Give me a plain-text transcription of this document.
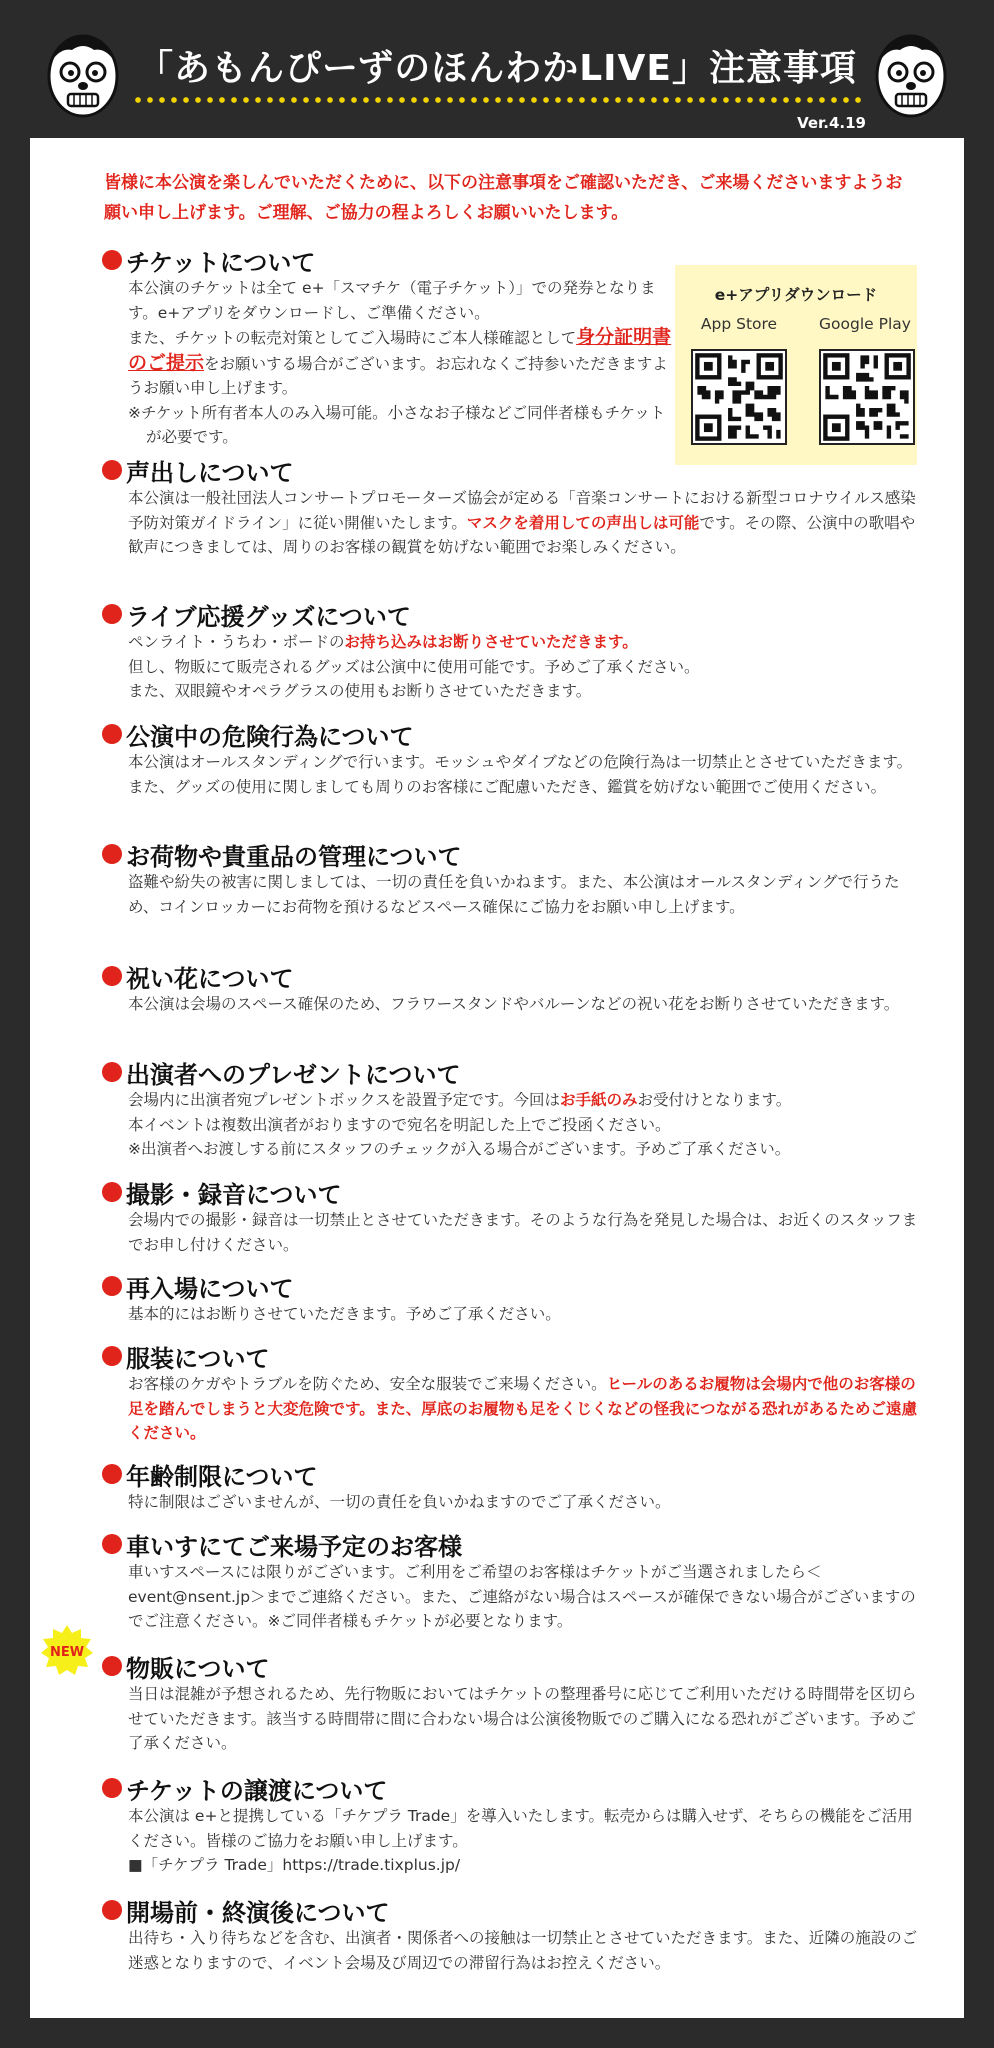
「あもんぴーずのほんわかLIVE」注意事項
Ver.4.19
皆様に本公演を楽しんでいただくために、以下の注意事項をご確認いただき、ご来場くださいますようお願い申し上げます。ご理解、ご協力の程よろしくお願いいたします。
チケットについて

本公演のチケットは全て e+「スマチケ（電子チケット）」での発券となります。e+アプリをダウンロードし、ご準備ください。

また、チケットの転売対策としてご入場時にご本人様確認として身分証明書のご提示をお願いする場合がございます。お忘れなくご持参いただきますようお願い申し上げます。

※チケット所有者本人のみ入場可能。小さなお子様などご同伴者様もチケットが必要です。

e+アプリダウンロード
App Store	Google Play
声出しについて

本公演は一般社団法人コンサートプロモーターズ協会が定める「音楽コンサートにおける新型コロナウイルス感染予防対策ガイドライン」に従い開催いたします。マスクを着用しての声出しは可能です。その際、公演中の歌唱や歓声につきましては、周りのお客様の観賞を妨げない範囲でお楽しみください。

ライブ応援グッズについて

ペンライト・うちわ・ボードのお持ち込みはお断りさせていただきます。

但し、物販にて販売されるグッズは公演中に使用可能です。予めご了承ください。

また、双眼鏡やオペラグラスの使用もお断りさせていただきます。

公演中の危険行為について

本公演はオールスタンディングで行います。モッシュやダイブなどの危険行為は一切禁止とさせていただきます。また、グッズの使用に関しましても周りのお客様にご配慮いただき、鑑賞を妨げない範囲でご使用ください。

お荷物や貴重品の管理について

盗難や紛失の被害に関しましては、一切の責任を負いかねます。また、本公演はオールスタンディングで行うため、コインロッカーにお荷物を預けるなどスペース確保にご協力をお願い申し上げます。

祝い花について

本公演は会場のスペース確保のため、フラワースタンドやバルーンなどの祝い花をお断りさせていただきます。

出演者へのプレゼントについて

会場内に出演者宛プレゼントボックスを設置予定です。今回はお手紙のみお受付けとなります。

本イベントは複数出演者がおりますので宛名を明記した上でご投函ください。

※出演者へお渡しする前にスタッフのチェックが入る場合がございます。予めご了承ください。

撮影・録音について

会場内での撮影・録音は一切禁止とさせていただきます。そのような行為を発見した場合は、お近くのスタッフまでお申し付けください。

再入場について

基本的にはお断りさせていただきます。予めご了承ください。

服装について

お客様のケガやトラブルを防ぐため、安全な服装でご来場ください。ヒールのあるお履物は会場内で他のお客様の足を踏んでしまうと大変危険です。また、厚底のお履物も足をくじくなどの怪我につながる恐れがあるためご遠慮ください。

年齢制限について

特に制限はございませんが、一切の責任を負いかねますのでご了承ください。

車いすにてご来場予定のお客様

車いすスペースには限りがございます。ご利用をご希望のお客様はチケットがご当選されましたら＜event@nsent.jp＞までご連絡ください。また、ご連絡がない場合はスペースが確保できない場合がございますのでご注意ください。※ご同伴者様もチケットが必要となります。

物販について

当日は混雑が予想されるため、先行物販においてはチケットの整理番号に応じてご利用いただける時間帯を区切らせていただきます。該当する時間帯に間に合わない場合は公演後物販でのご購入になる恐れがございます。予めご了承ください。

NEW
チケットの譲渡について

本公演は e+と提携している「チケプラ Trade」を導入いたします。転売からは購入せず、そちらの機能をご活用ください。皆様のご協力をお願い申し上げます。

■「チケプラ Trade」https://trade.tixplus.jp/

開場前・終演後について

出待ち・入り待ちなどを含む、出演者・関係者への接触は一切禁止とさせていただきます。また、近隣の施設のご迷惑となりますので、イベント会場及び周辺での滞留行為はお控えください。
